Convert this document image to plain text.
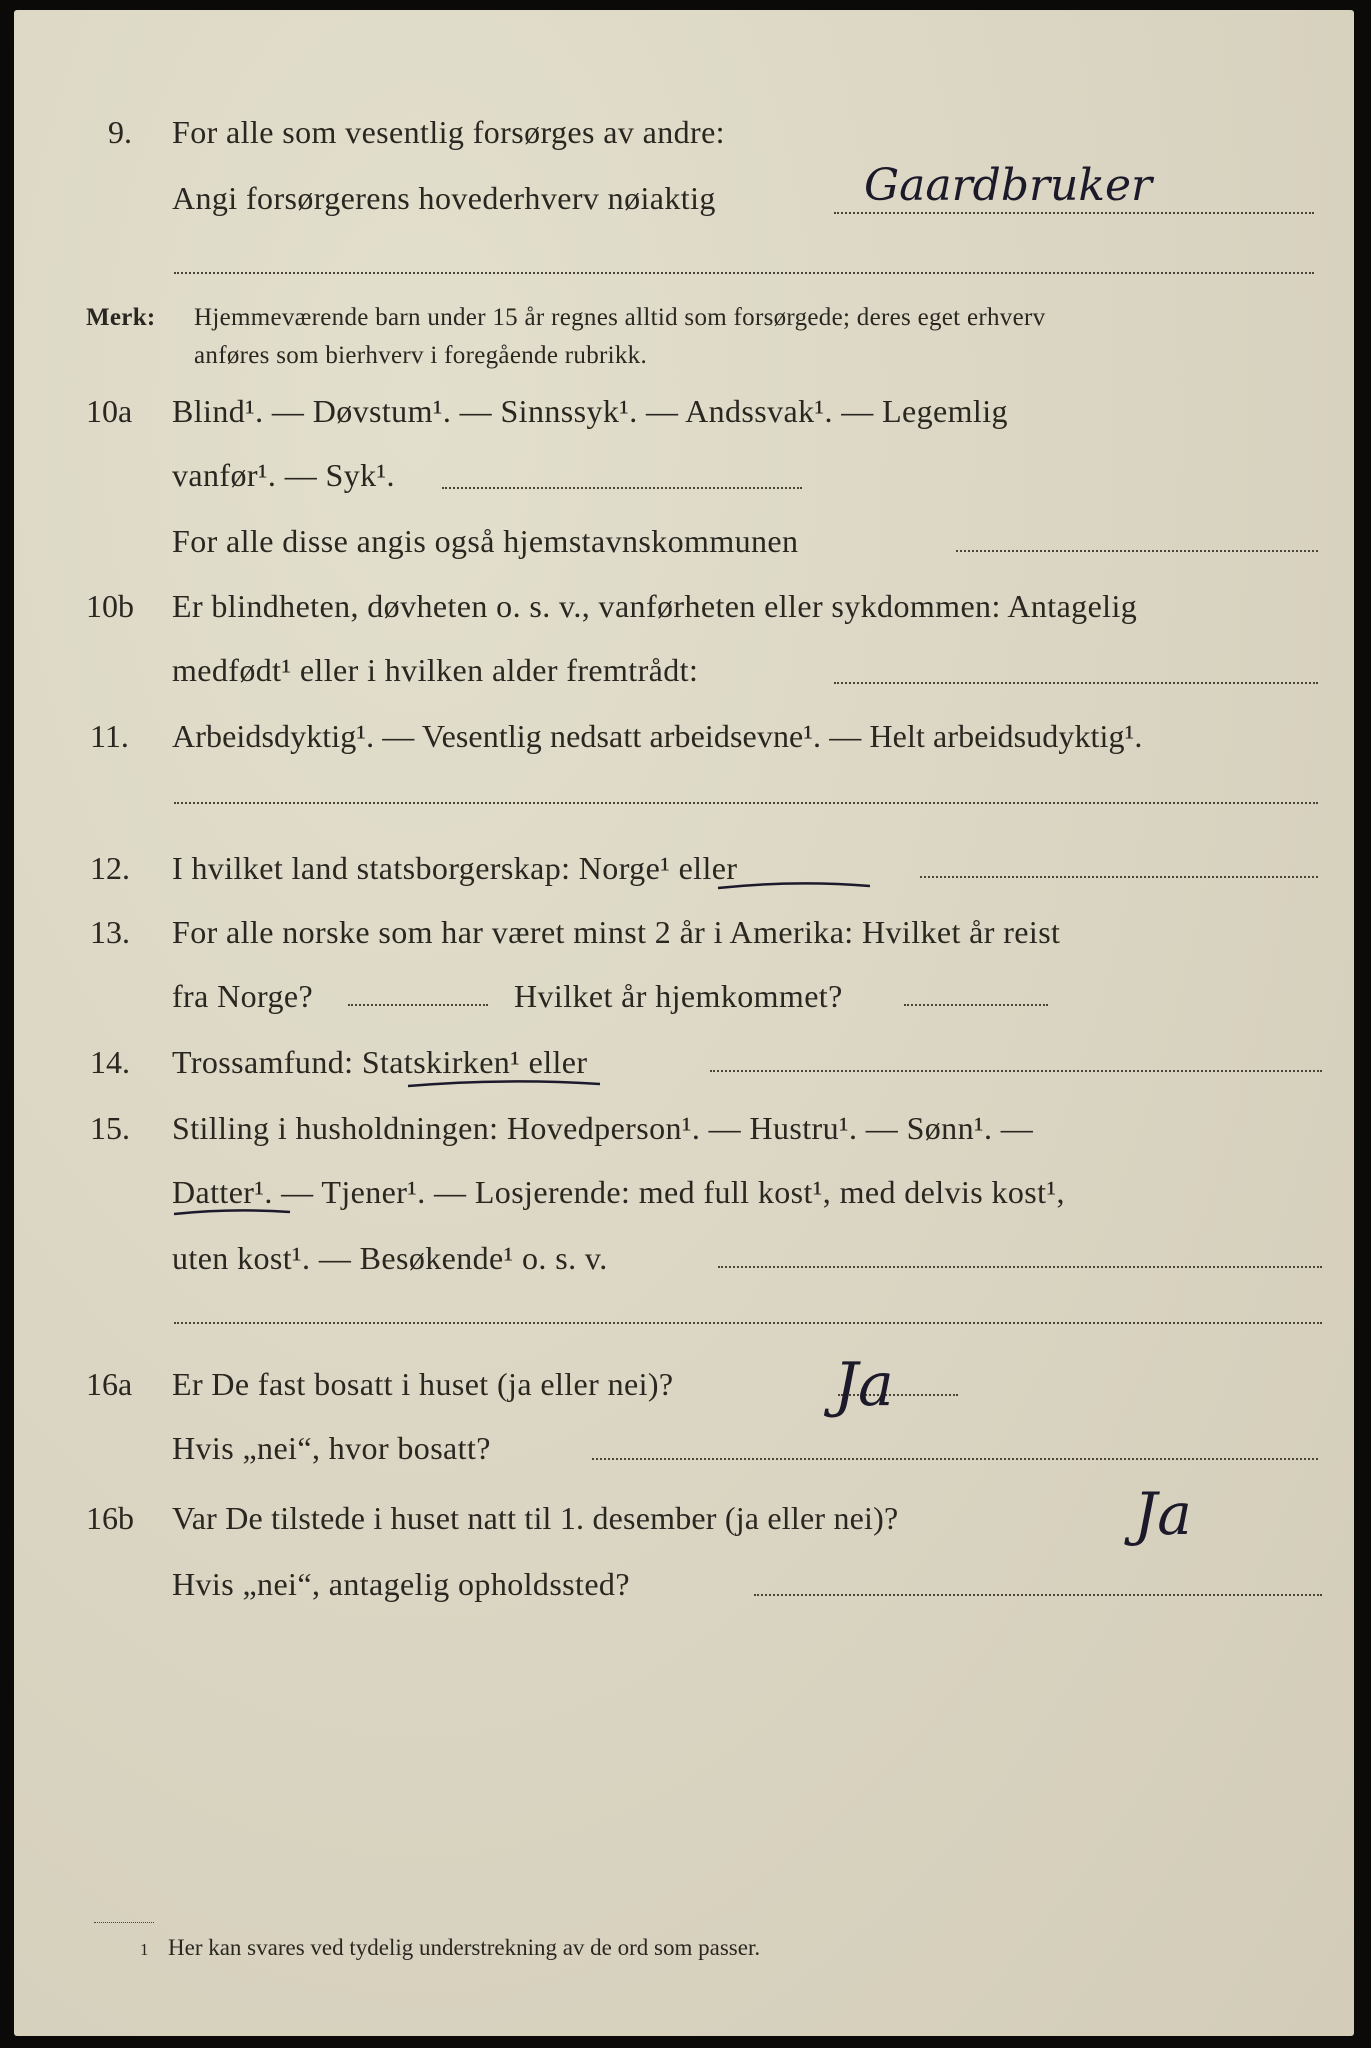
9. For alle som vesentlig forsørges av andre:
Angi forsørgerens hovederhverv nøiaktig	Gaardbruker
Merk: Hjemmeværende barn under 15 år regnes alltid som forsørgede; deres eget erhverv
anføres som bierhverv i foregående rubrikk.
10a Blind¹. — Døvstum¹. — Sinnssyk¹. — Andssvak¹. — Legemlig
vanfør¹. — Syk¹.
For alle disse angis også hjemstavnskommunen
10b Er blindheten, døvheten o. s. v., vanførheten eller sykdommen: Antagelig
medfødt¹ eller i hvilken alder fremtrådt:
11. Arbeidsdyktig¹. — Vesentlig nedsatt arbeidsevne¹. — Helt arbeidsudyktig¹.
12. I hvilket land statsborgerskap: Norge¹ eller
13. For alle norske som har været minst 2 år i Amerika: Hvilket år reist
fra Norge?	Hvilket år hjemkommet?
14. Trossamfund: Statskirken¹ eller
15. Stilling i husholdningen: Hovedperson¹. — Hustru¹. — Sønn¹. —
Datter¹. — Tjener¹. — Losjerende: med full kost¹, med delvis kost¹,
uten kost¹. — Besøkende¹ o. s. v.
16a Er De fast bosatt i huset (ja eller nei)?	Ja
Hvis „nei“, hvor bosatt?
16b Var De tilstede i huset natt til 1. desember (ja eller nei)?	Ja
Hvis „nei“, antagelig opholdssted?
1 Her kan svares ved tydelig understrekning av de ord som passer.
